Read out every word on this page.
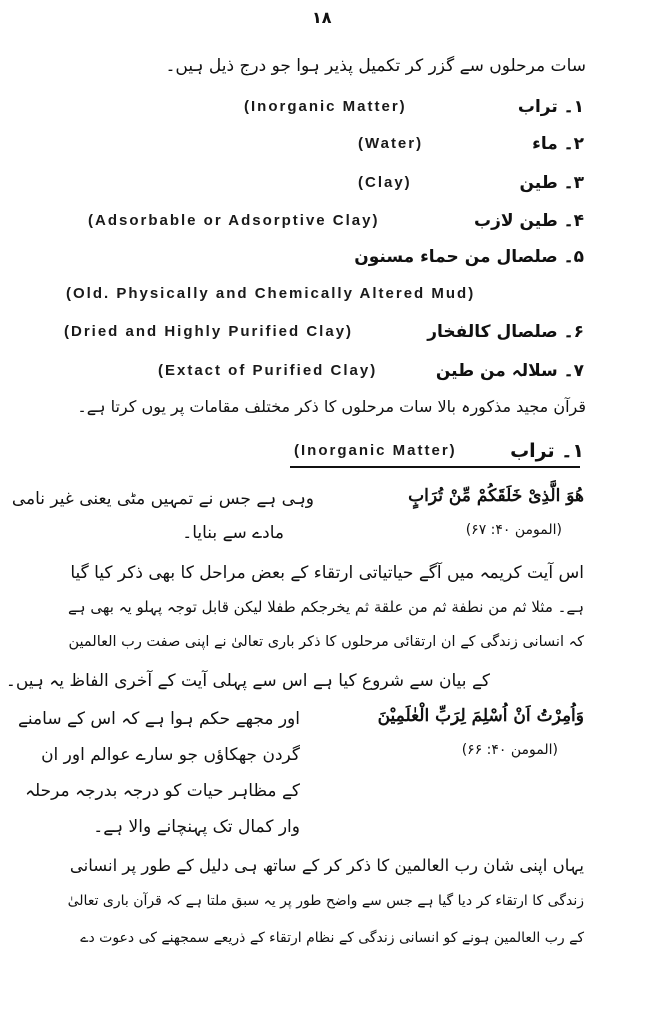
۱۸
سات مرحلوں سے گزر کر تکمیل پذیر ہوا جو درج ذیل ہیں۔
۱۔ تراب
(Inorganic Matter)
۲۔ ماء
(Water)
۳۔ طین
(Clay)
۴۔ طین لازب
(Adsorbable or Adsorptive Clay)
۵۔ صلصال من حماء مسنون
(Old. Physically and Chemically Altered Mud)
۶۔ صلصال کالفخار
(Dried and Highly Purified Clay)
۷۔ سلالہ من طین
(Extact of Purified Clay)
قرآن مجید مذکورہ بالا سات مرحلوں کا ذکر مختلف مقامات پر یوں کرتا ہے۔
۱۔ تراب
(Inorganic Matter)
هُوَ الَّذِىْ خَلَقَكُمْ مِّنْ تُرَابٍ
وہی ہے جس نے تمہیں مٹی یعنی غیر نامی
(المومن ۴۰: ۶۷)
مادے سے بنایا۔
اس آیت کریمہ میں آگے حیاتیاتی ارتقاء کے بعض مراحل کا بھی ذکر کیا گیا
ہے۔ مثلا ثم من نطفة ثم من علقة ثم يخرجكم طفلا لیکن قابل توجہ پہلو یہ بھی ہے
کہ انسانی زندگی کے ان ارتقائی مرحلوں کا ذکر باری تعالیٰ نے اپنی صفت رب العالمین
کے بیان سے شروع کیا ہے اس سے پہلی آیت کے آخری الفاظ یہ ہیں۔
وَاُمِرْتُ اَنْ اُسْلِمَ لِرَبِّ الْعٰلَمِيْنَ
(المومن ۴۰: ۶۶)
اور مجھے حکم ہوا ہے کہ اس کے سامنے
گردن جھکاؤں جو سارے عوالم اور ان
کے مظاہر حیات کو درجہ بدرجہ مرحلہ
وار کمال تک پہنچانے والا ہے۔
یہاں اپنی شان رب العالمین کا ذکر کر کے ساتھ ہی دلیل کے طور پر انسانی
زندگی کا ارتقاء کر دیا گیا ہے جس سے واضح طور پر یہ سبق ملتا ہے کہ قرآن باری تعالیٰ
کے رب العالمین ہونے کو انسانی زندگی کے نظام ارتقاء کے ذریعے سمجھنے کی دعوت دے
